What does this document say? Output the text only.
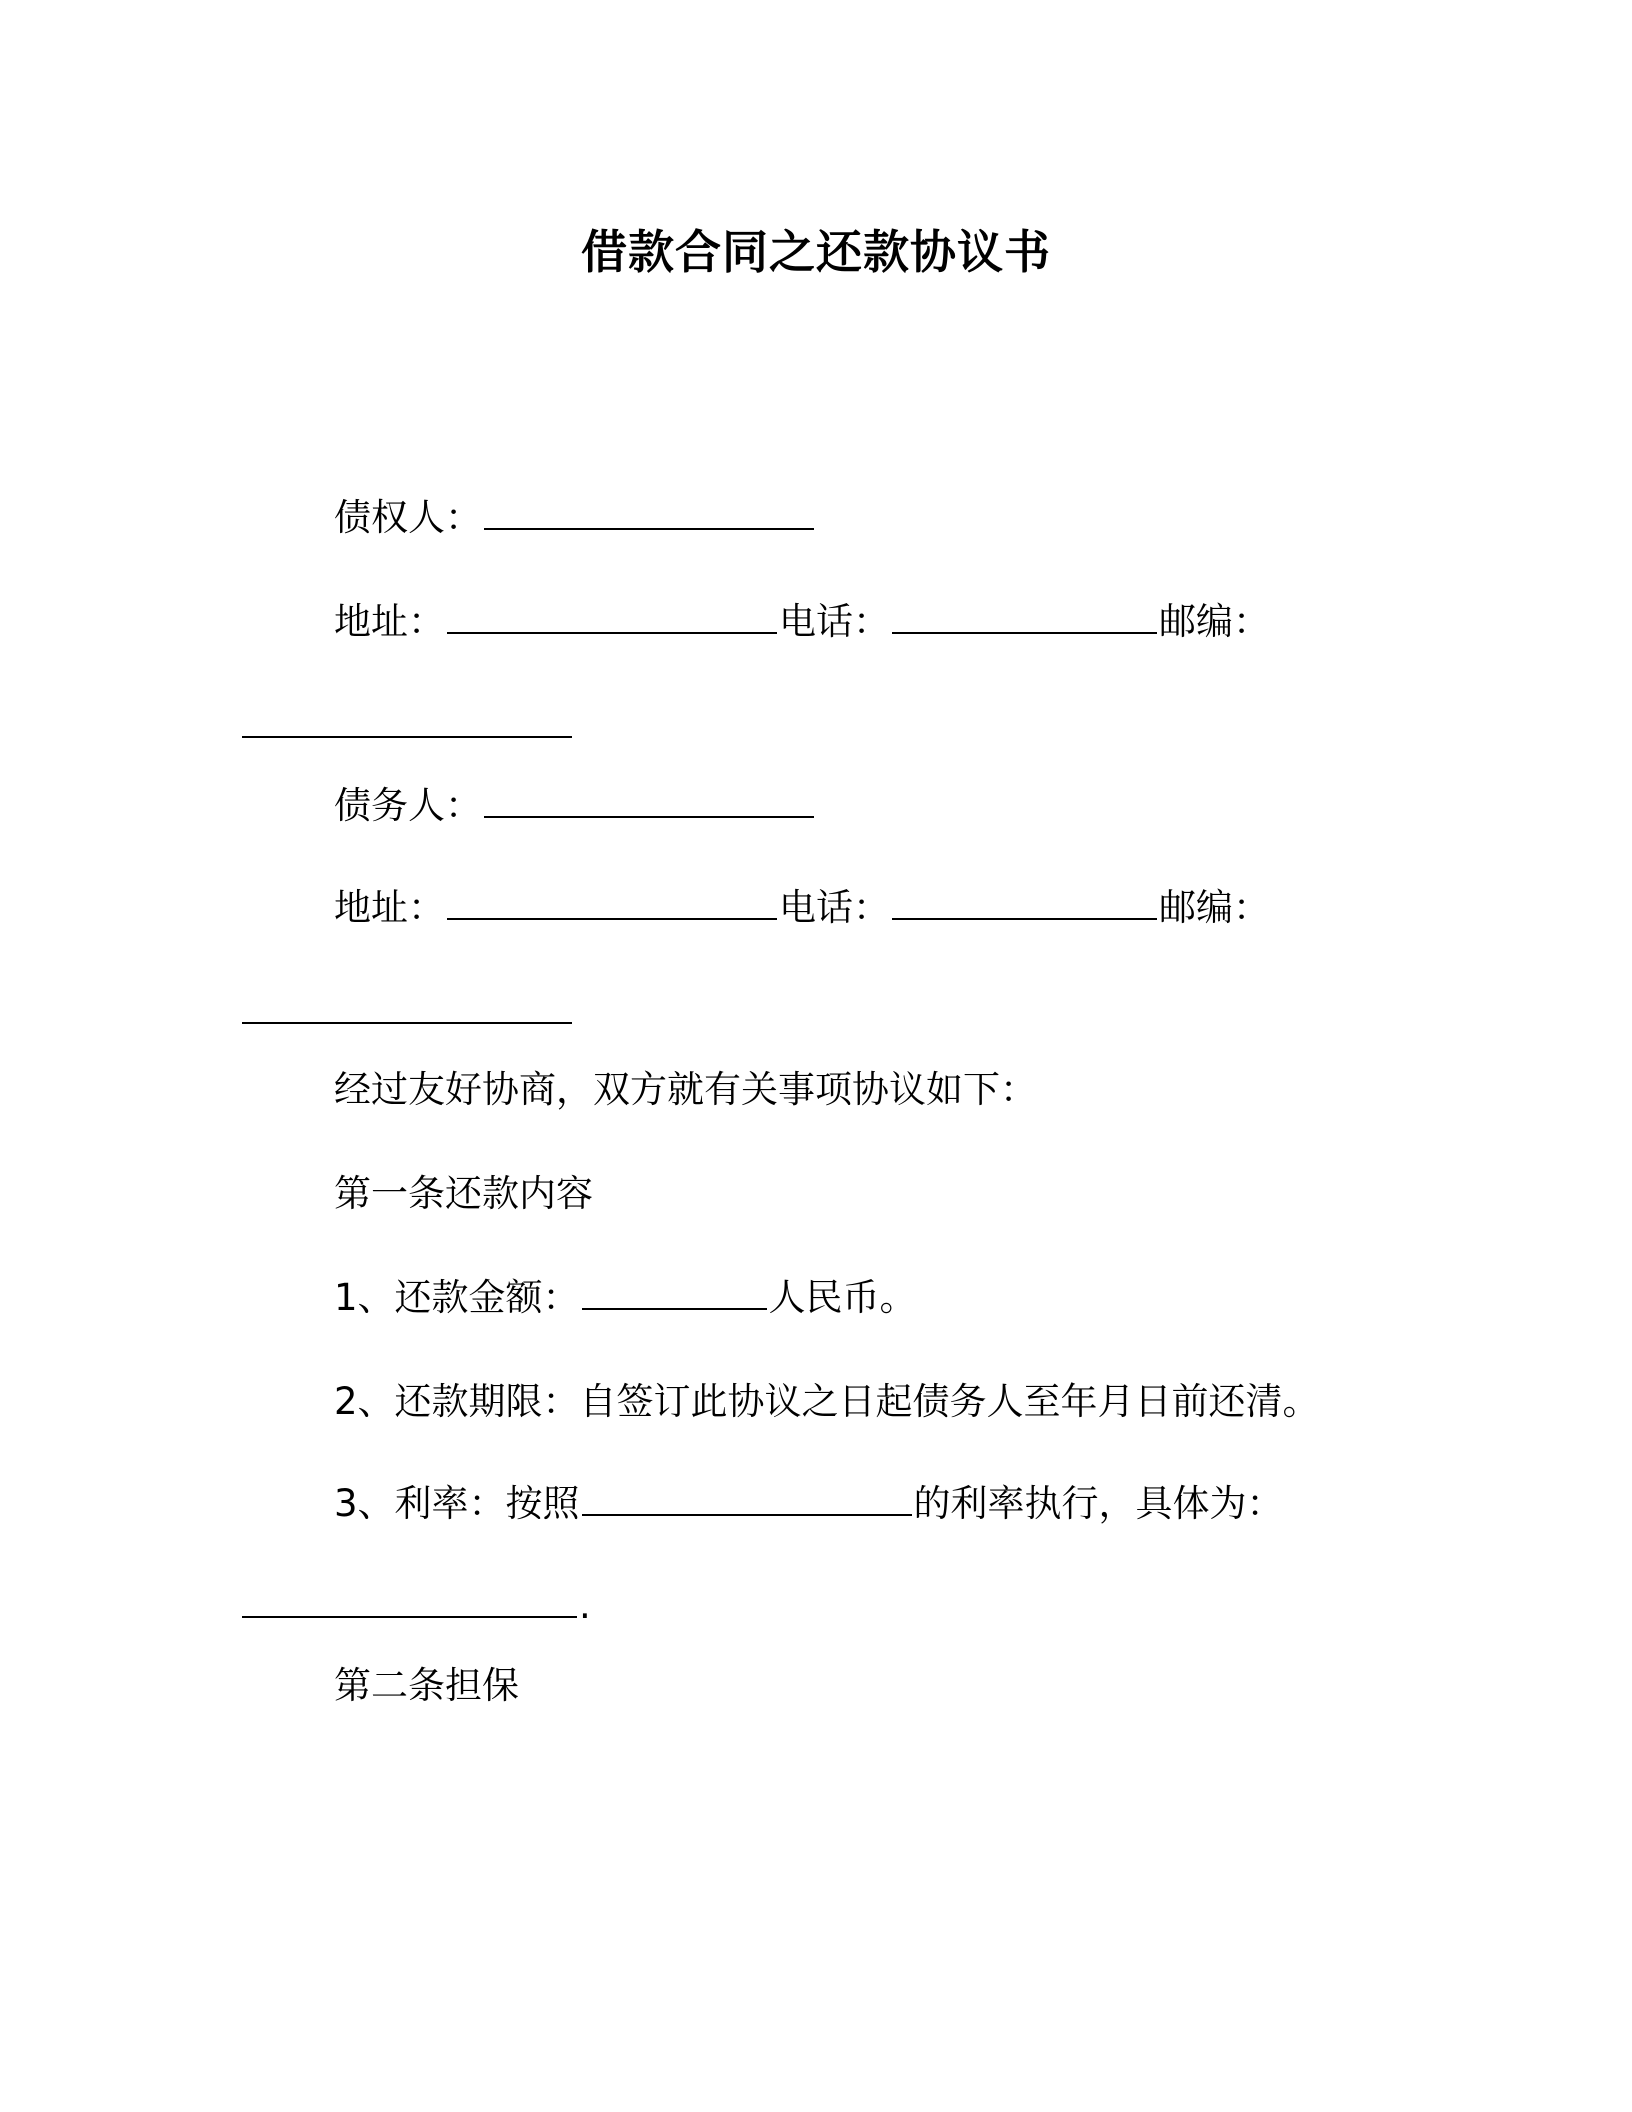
借款合同之还款协议书
债权人：
地址：	电话：	邮编：
债务人：
地址：	电话：	邮编：
经过友好协商，双方就有关事项协议如下：
第一条还款内容
1、还款金额：	人民币。
2、还款期限：自签订此协议之日起债务人至年月日前还清。
3、利率：按照	的利率执行，具体为：
.
第二条担保
